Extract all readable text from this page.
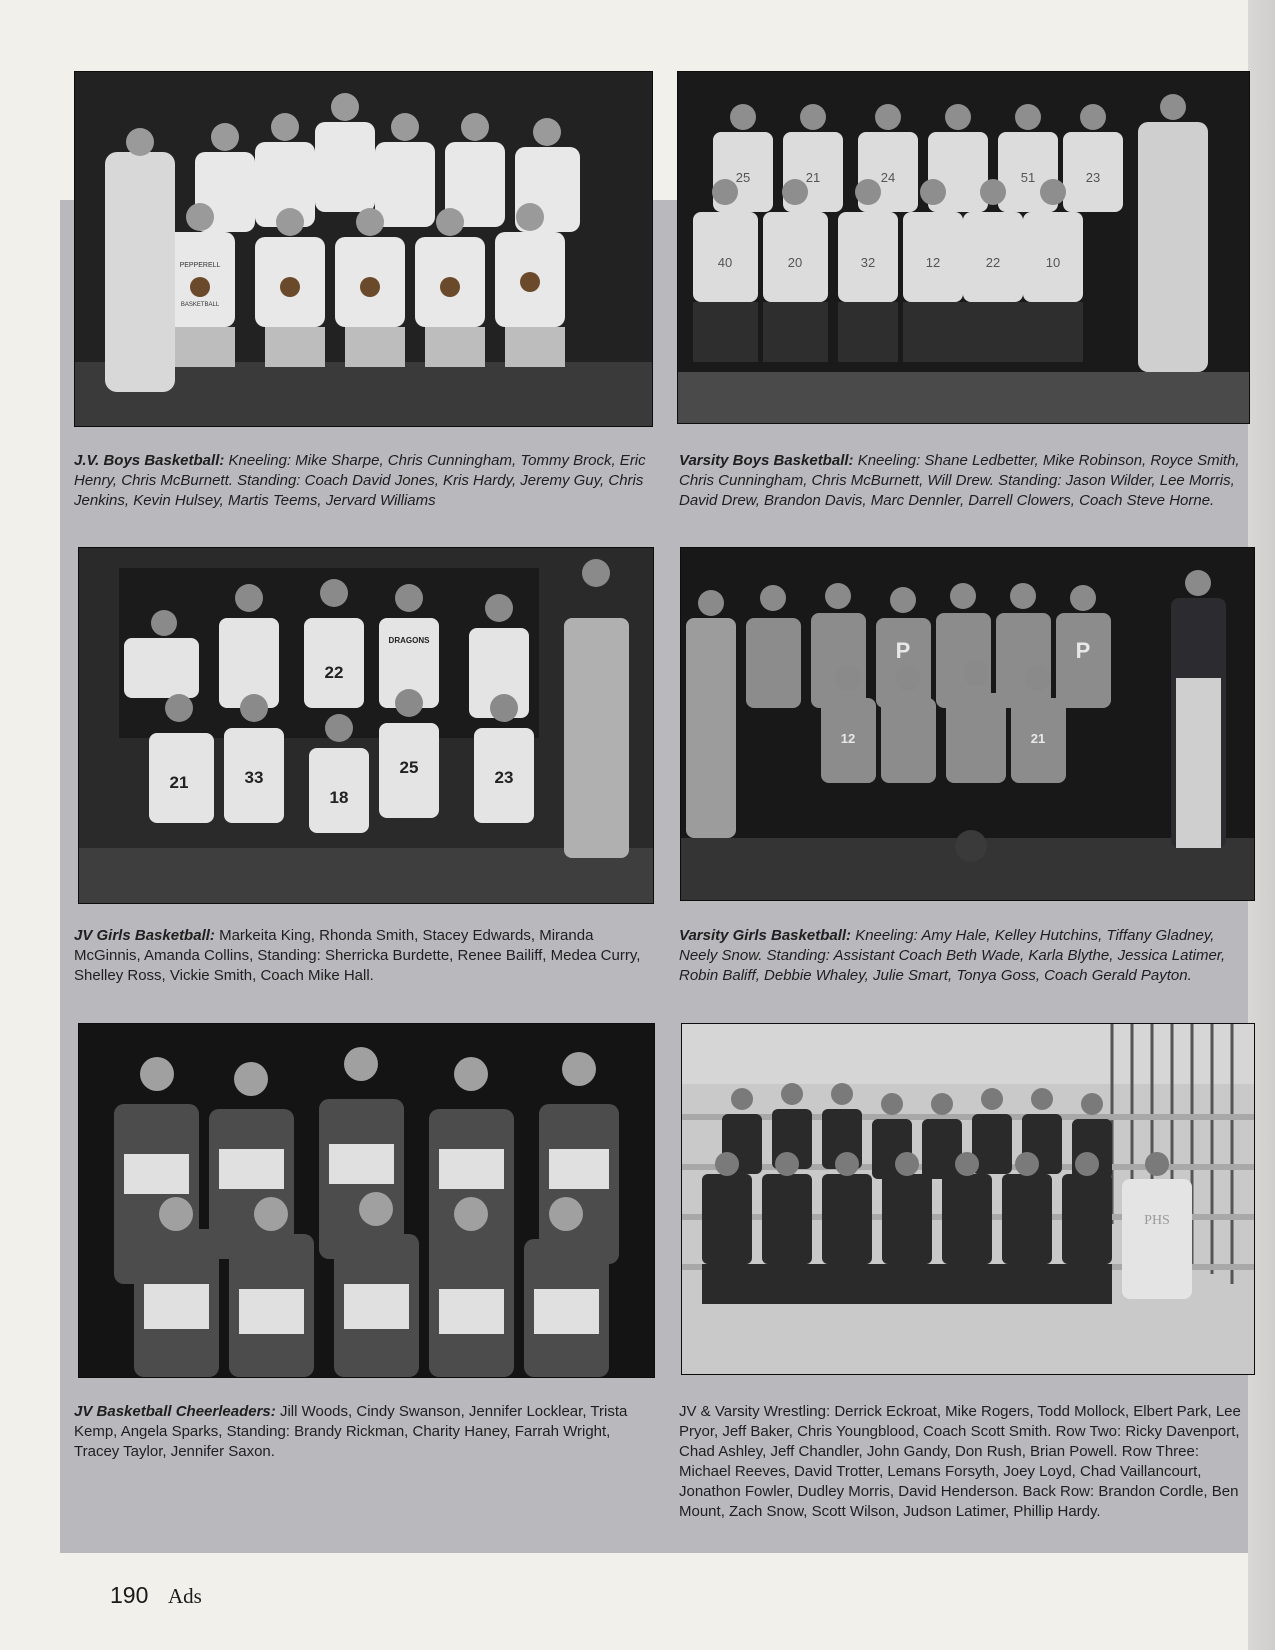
PEPPERELL
BASKETBALL
25	21	24	51	23
40	20	32	12	22	10
22
21	33
18
25
23
DRAGONS	P	P
12	21
PHS
J.V. Boys Basketball: Kneeling: Mike Sharpe, Chris Cunningham, Tommy Brock, Eric Henry, Chris McBurnett. Standing: Coach David Jones, Kris Hardy, Jeremy Guy, Chris Jenkins, Kevin Hulsey, Martis Teems, Jervard Williams
Varsity Boys Basketball: Kneeling: Shane Ledbetter, Mike Robinson, Royce Smith, Chris Cunningham, Chris McBurnett, Will Drew. Standing: Jason Wilder, Lee Morris, David Drew, Brandon Davis, Marc Dennler, Darrell Clowers, Coach Steve Horne.
JV Girls Basketball: Markeita King, Rhonda Smith, Stacey Edwards, Miranda McGinnis, Amanda Collins, Standing: Sherricka Burdette, Renee Bailiff, Medea Curry, Shelley Ross, Vickie Smith, Coach Mike Hall.
Varsity Girls Basketball: Kneeling: Amy Hale, Kelley Hutchins, Tiffany Gladney, Neely Snow. Standing: Assistant Coach Beth Wade, Karla Blythe, Jessica Latimer, Robin Baliff, Debbie Whaley, Julie Smart, Tonya Goss, Coach Gerald Payton.
JV Basketball Cheerleaders: Jill Woods, Cindy Swanson, Jennifer Locklear, Trista Kemp, Angela Sparks, Standing: Brandy Rickman, Charity Haney, Farrah Wright, Tracey Taylor, Jennifer Saxon.
JV & Varsity Wrestling: Derrick Eckroat, Mike Rogers, Todd Mollock, Elbert Park, Lee Pryor, Jeff Baker, Chris Youngblood, Coach Scott Smith. Row Two: Ricky Davenport, Chad Ashley, Jeff Chandler, John Gandy, Don Rush, Brian Powell. Row Three: Michael Reeves, David Trotter, Lemans Forsyth, Joey Loyd, Chad Vaillancourt, Jonathon Fowler, Dudley Morris, David Henderson. Back Row: Brandon Cordle, Ben Mount, Zach Snow, Scott Wilson, Judson Latimer, Phillip Hardy.
190 Ads
